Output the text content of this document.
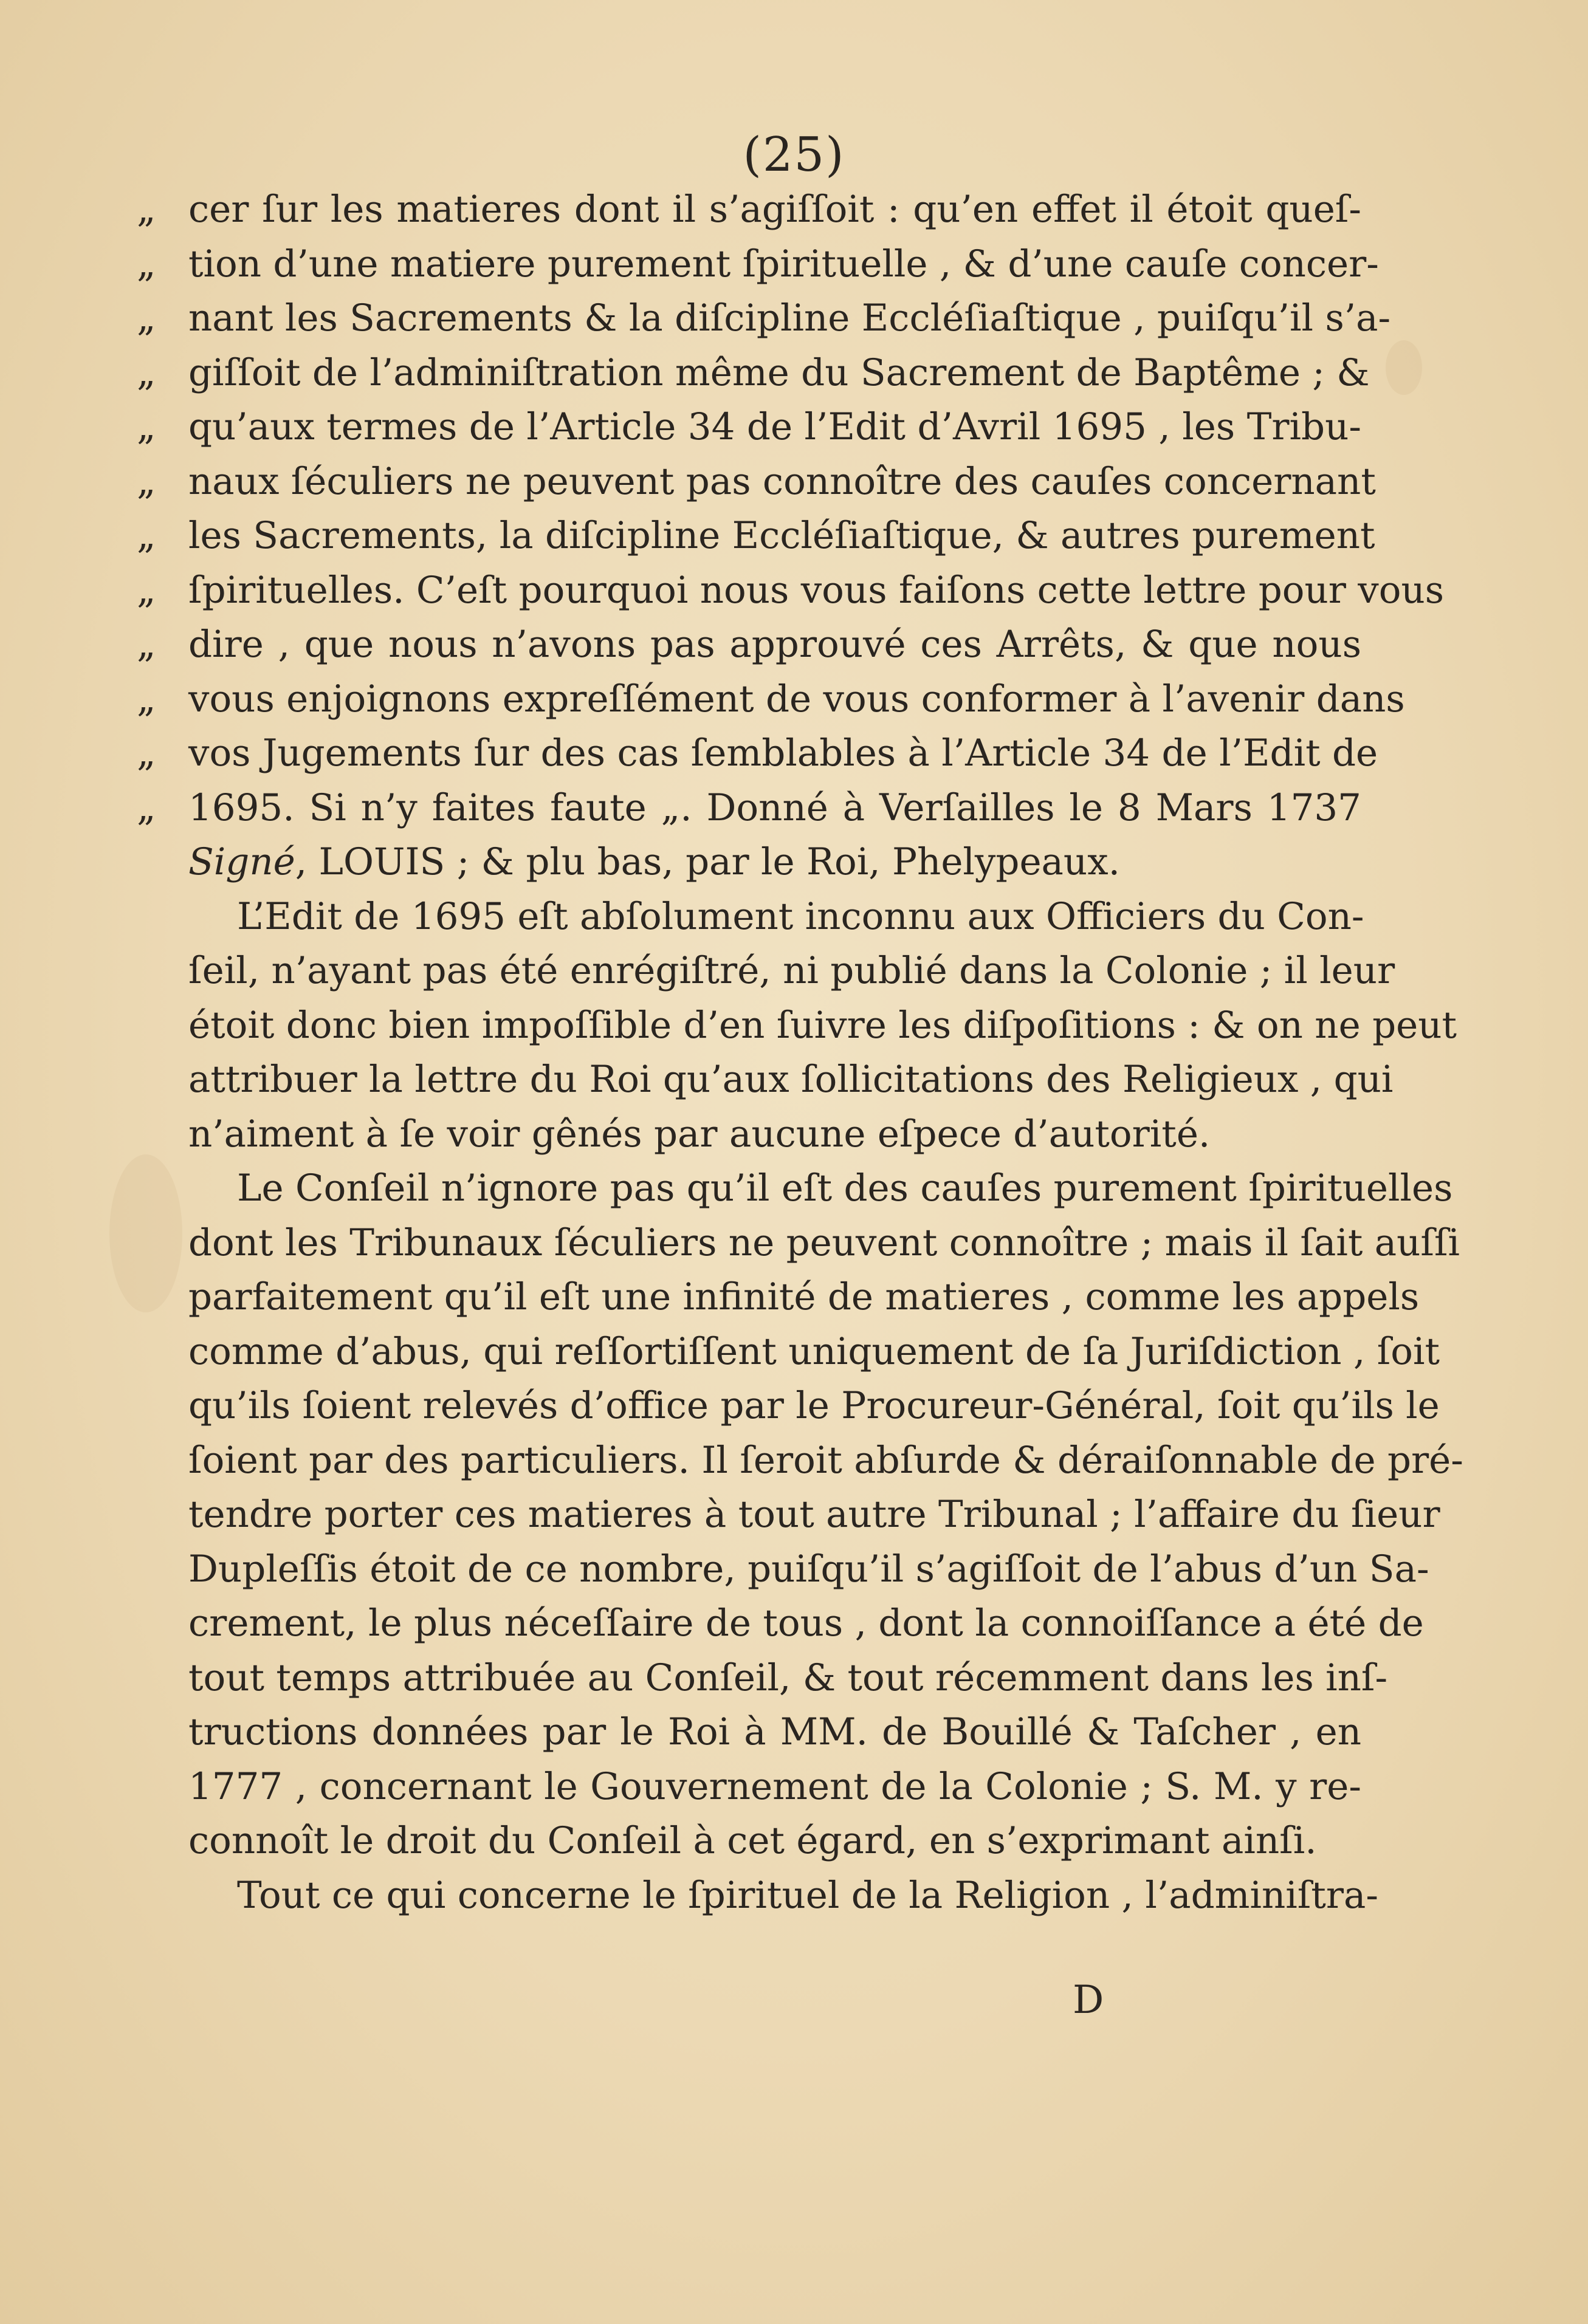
(25)
„ cer ſur les matieres dont il s’agiſſoit : qu’en effet il étoit queſ-
„ tion d’une matiere purement ſpirituelle , & d’une cauſe concer-
„ nant les Sacrements & la diſcipline Eccléſiaſtique , puiſqu’il s’a-
„ giſſoit de l’adminiſtration même du Sacrement de Baptême ; &
„ qu’aux termes de l’Article 34 de l’Edit d’Avril 1695 , les Tribu-
„ naux ſéculiers ne peuvent pas connoître des cauſes concernant
„ les Sacrements, la diſcipline Eccléſiaſtique, & autres purement
„ ſpirituelles. C’eſt pourquoi nous vous faiſons cette lettre pour vous
„ dire , que nous n’avons pas approuvé ces Arrêts, & que nous
„ vous enjoignons expreſſément de vous conformer à l’avenir dans
„ vos Jugements ſur des cas ſemblables à l’Article 34 de l’Edit de
„ 1695. Si n’y faites faute „. Donné à Verſailles le 8 Mars 1737
Signé, LOUIS ; & plu bas, par le Roi, Phelypeaux.
L’Edit de 1695 eſt abſolument inconnu aux Officiers du Con-
ſeil, n’ayant pas été enrégiſtré, ni publié dans la Colonie ; il leur
étoit donc bien impoſſible d’en ſuivre les diſpoſitions : & on ne peut
attribuer la lettre du Roi qu’aux ſollicitations des Religieux , qui
n’aiment à ſe voir gênés par aucune eſpece d’autorité.
Le Conſeil n’ignore pas qu’il eſt des cauſes purement ſpirituelles
dont les Tribunaux ſéculiers ne peuvent connoître ; mais il ſait auſſi
parfaitement qu’il eſt une infinité de matieres , comme les appels
comme d’abus, qui reſſortiſſent uniquement de ſa Juriſdiction , ſoit
qu’ils ſoient relevés d’office par le Procureur-Général, ſoit qu’ils le
ſoient par des particuliers. Il ſeroit abſurde & déraiſonnable de pré-
tendre porter ces matieres à tout autre Tribunal ; l’affaire du ſieur
Dupleſſis étoit de ce nombre, puiſqu’il s’agiſſoit de l’abus d’un Sa-
crement, le plus néceſſaire de tous , dont la connoiſſance a été de
tout temps attribuée au Conſeil, & tout récemment dans les inſ-
tructions données par le Roi à MM. de Bouillé & Taſcher , en
1777 , concernant le Gouvernement de la Colonie ; S. M. y re-
connoît le droit du Conſeil à cet égard, en s’exprimant ainſi.
Tout ce qui concerne le ſpirituel de la Religion , l’adminiſtra-
D
